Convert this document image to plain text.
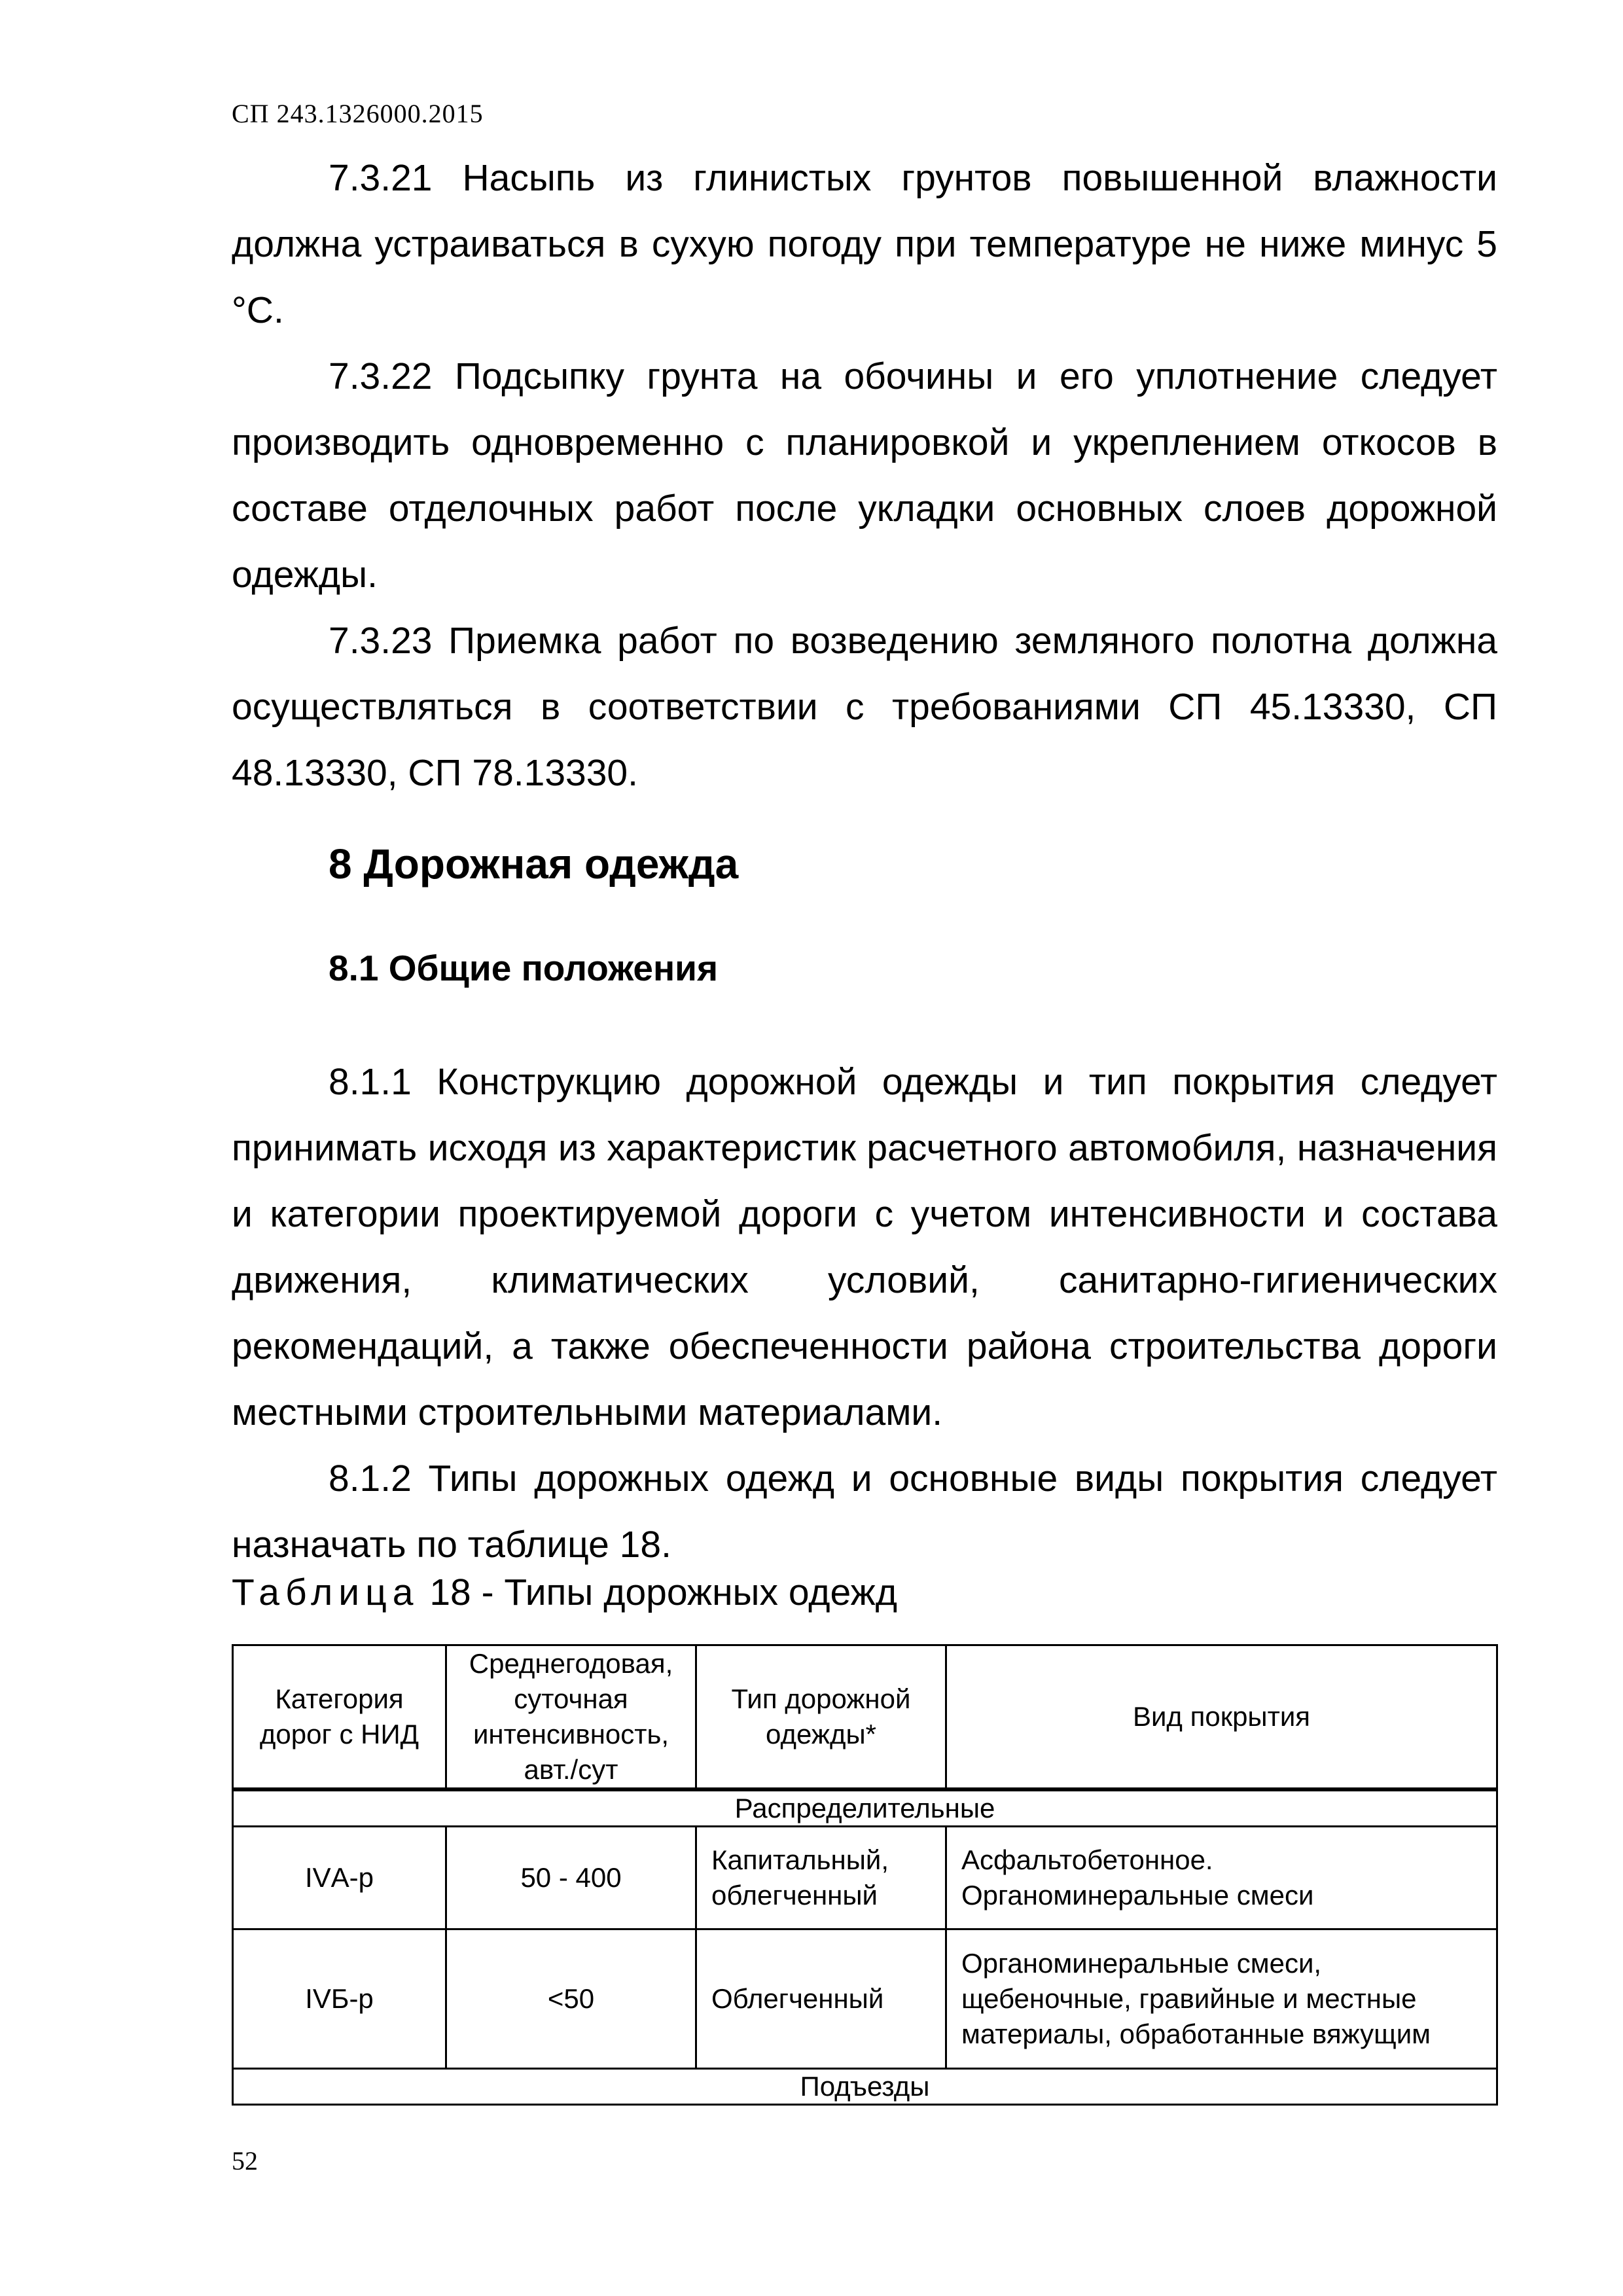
СП 243.1326000.2015

7.3.21 Насыпь из глинистых грунтов повышенной влажности должна устраиваться в сухую погоду при температуре не ниже минус 5 °С.

7.3.22 Подсыпку грунта на обочины и его уплотнение следует производить одновременно с планировкой и укреплением откосов в составе отделочных работ после укладки основных слоев дорожной одежды.

7.3.23 Приемка работ по возведению земляного полотна должна осуществляться в соответствии с требованиями СП 45.13330, СП 48.13330, СП 78.13330.

8 Дорожная одежда
8.1 Общие положения

8.1.1 Конструкцию дорожной одежды и тип покрытия следует принимать исходя из характеристик расчетного автомобиля, назначения и категории проектируемой дороги с учетом интенсивности и состава движения, климатических условий, санитарно-гигиенических рекомендаций, а также обеспеченности района строительства дороги местными строительными материалами.

8.1.2 Типы дорожных одежд и основные виды покрытия следует назначать по таблице 18.

Таблица 18 - Типы дорожных одежд

Категория дорог с НИД	Среднегодовая, суточная интенсивность, авт./сут	Тип дорожной одежды*	Вид покрытия
Распределительные			
IVА-р	50 - 400	Капитальный, облегченный	Асфальтобетонное. Органоминеральные смеси
IVБ-р	<50	Облегченный	Органоминеральные смеси, щебеночные, гравийные и местные материалы, обработанные вяжущим
Подъезды			
52
